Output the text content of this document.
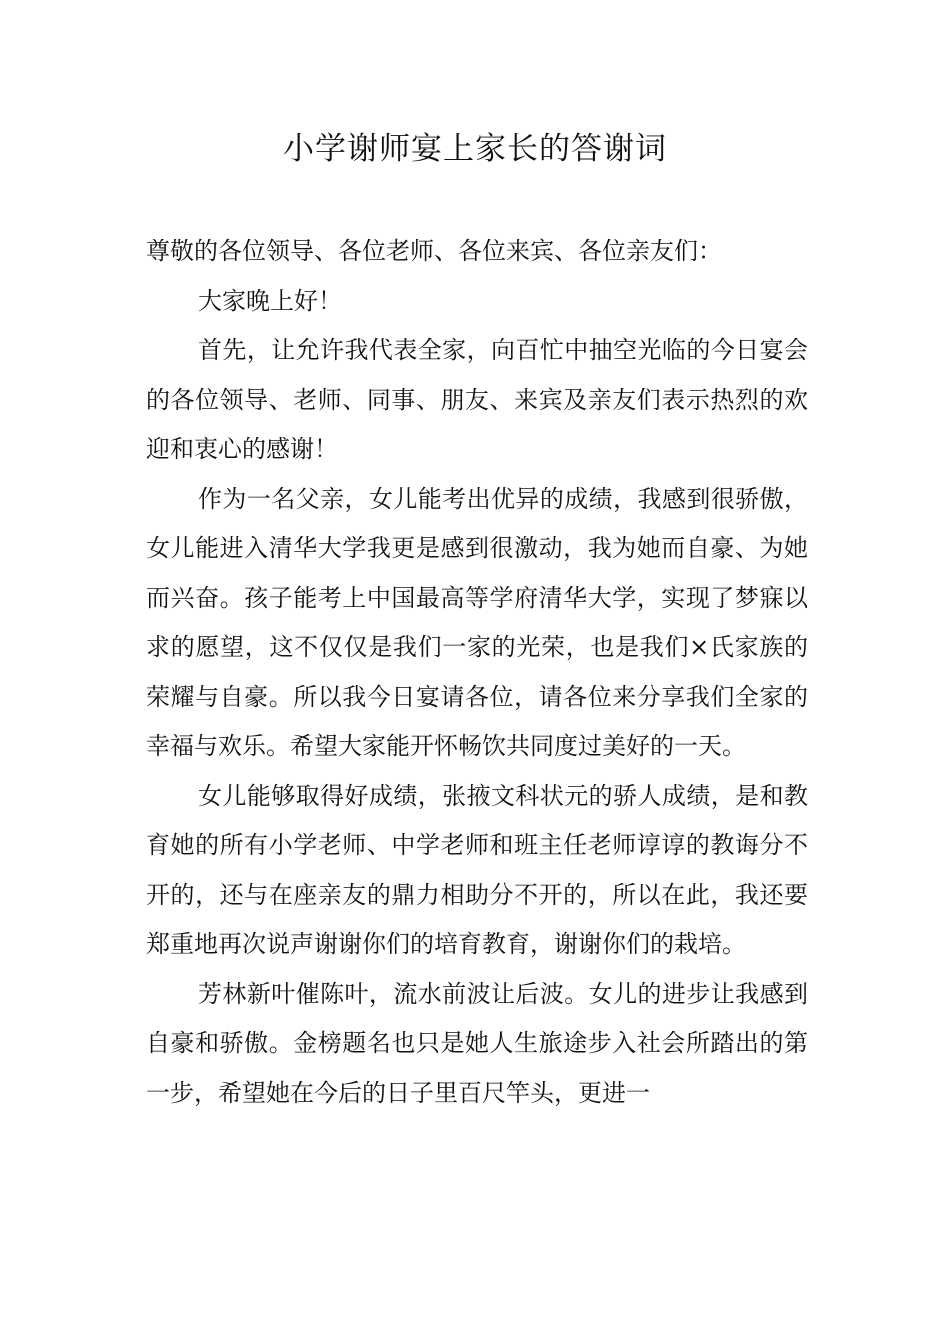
小学谢师宴上家长的答谢词

尊敬的各位领导、各位老师、各位来宾、各位亲友们：

大家晚上好！

首先，让允许我代表全家，向百忙中抽空光临的今日宴会的各位领导、老师、同事、朋友、来宾及亲友们表示热烈的欢迎和衷心的感谢！

作为一名父亲，女儿能考出优异的成绩，我感到很骄傲，女儿能进入清华大学我更是感到很激动，我为她而自豪、为她而兴奋。孩子能考上中国最高等学府清华大学，实现了梦寐以求的愿望，这不仅仅是我们一家的光荣，也是我们×氏家族的荣耀与自豪。所以我今日宴请各位，请各位来分享我们全家的幸福与欢乐。希望大家能开怀畅饮共同度过美好的一天。

女儿能够取得好成绩，张掖文科状元的骄人成绩，是和教育她的所有小学老师、中学老师和班主任老师谆谆的教诲分不开的，还与在座亲友的鼎力相助分不开的，所以在此，我还要郑重地再次说声谢谢你们的培育教育，谢谢你们的栽培。

芳林新叶催陈叶，流水前波让后波。女儿的进步让我感到自豪和骄傲。金榜题名也只是她人生旅途步入社会所踏出的第一步，希望她在今后的日子里百尺竿头，更进一
